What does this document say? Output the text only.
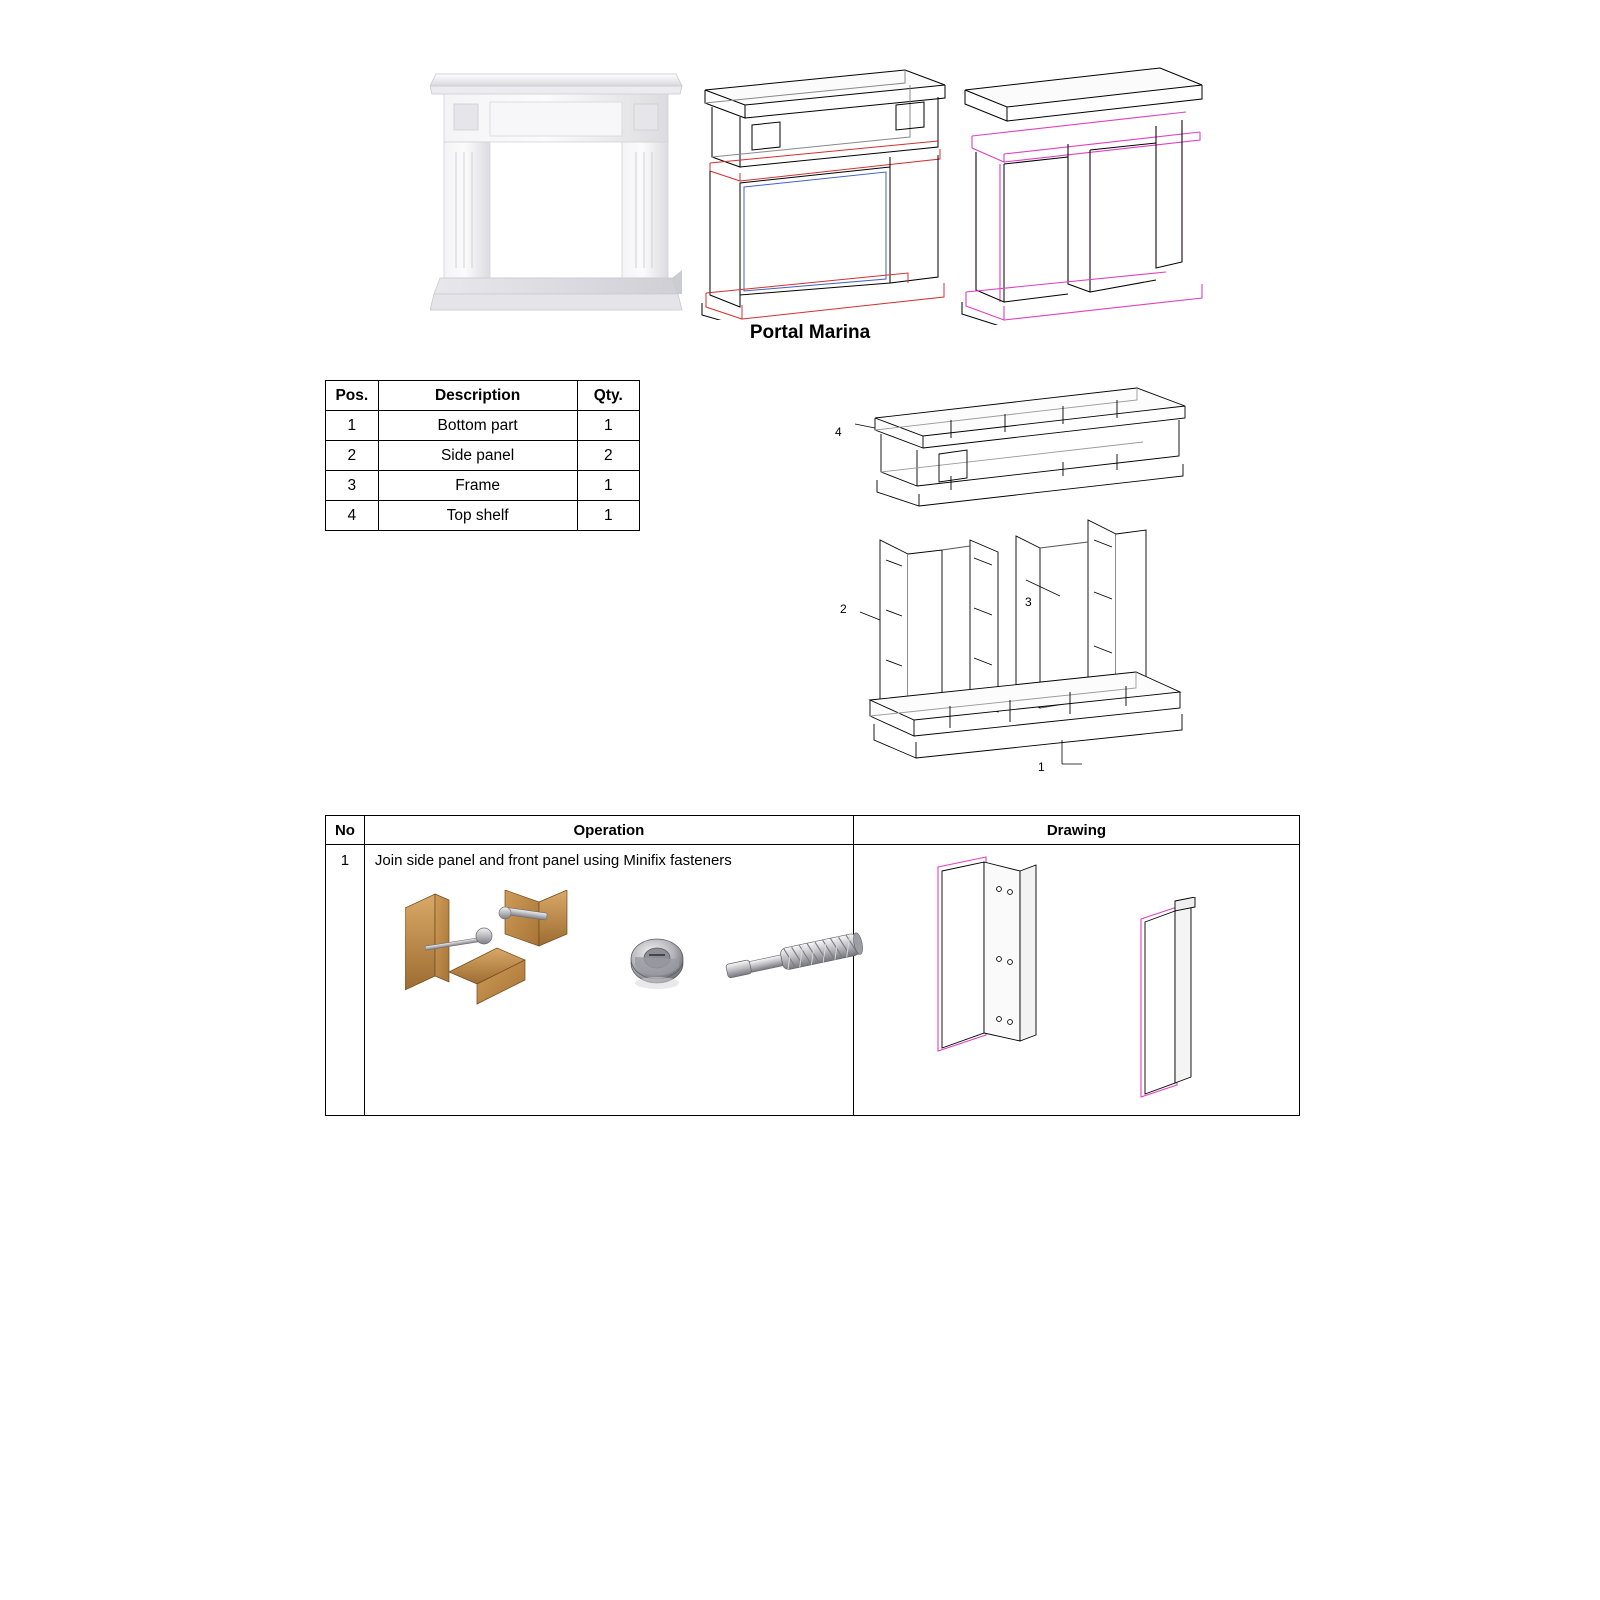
Portal Marina
Pos.	Description	Qty.
1	Bottom part	1
2	Side panel	2
3	Frame	1
4	Top shelf	1
4
2	3
1
No	Operation	Drawing

1	Join side panel and front panel using Minifix fasteners
